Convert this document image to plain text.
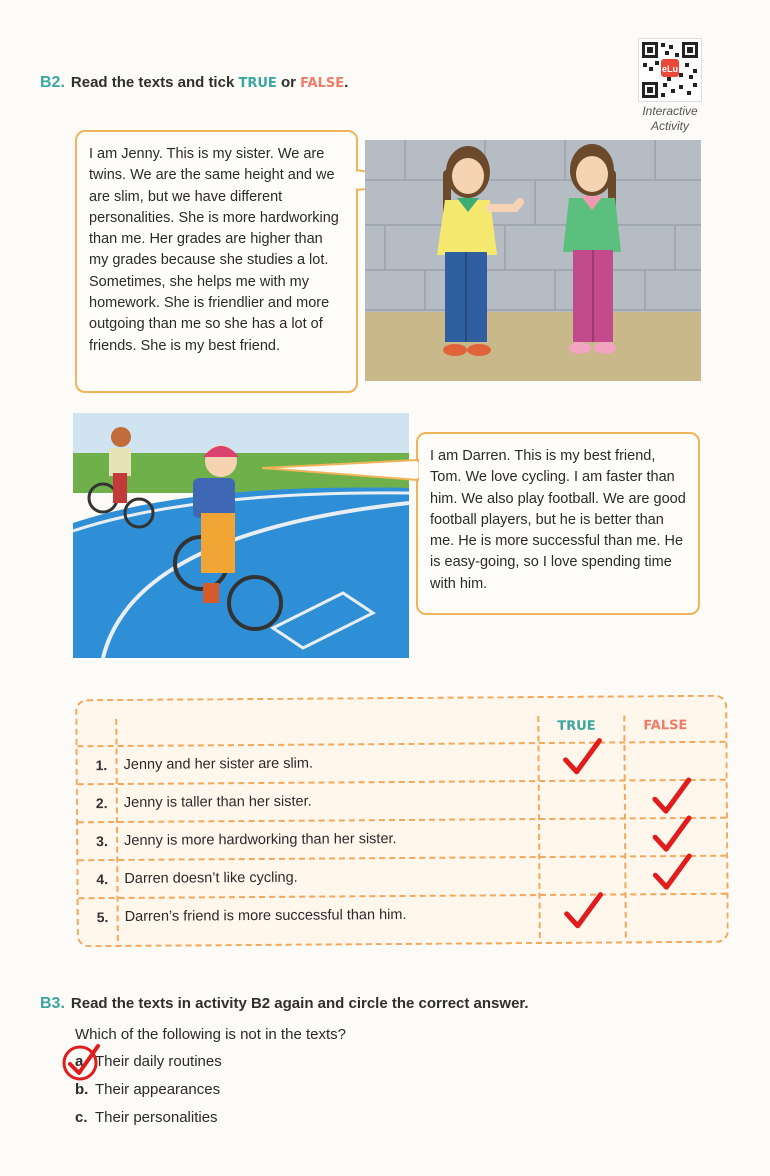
B2. Read the texts and tick TRUE or FALSE.
eLu
Interactive
Activity
I am Jenny. This is my sister. We are twins. We are the same height and we are slim, but we have different personalities. She is more hardworking than me. Her grades are higher than my grades because she studies a lot. Sometimes, she helps me with my homework. She is friendlier and more outgoing than me so she has a lot of friends. She is my best friend.
I am Darren. This is my best friend, Tom. We love cycling. I am faster than him. We also play football. We are good football players, but he is better than me. He is more successful than me. He is easy-going, so I love spending time with him.
TRUE	FALSE
1.	Jenny and her sister are slim.
2.	Jenny is taller than her sister.
3.	Jenny is more hardworking than her sister.
4.	Darren doesn’t like cycling.
5.	Darren’s friend is more successful than him.
B3. Read the texts in activity B2 again and circle the correct answer.
Which of the following is not in the texts?
a. Their daily routines
b. Their appearances
c. Their personalities
